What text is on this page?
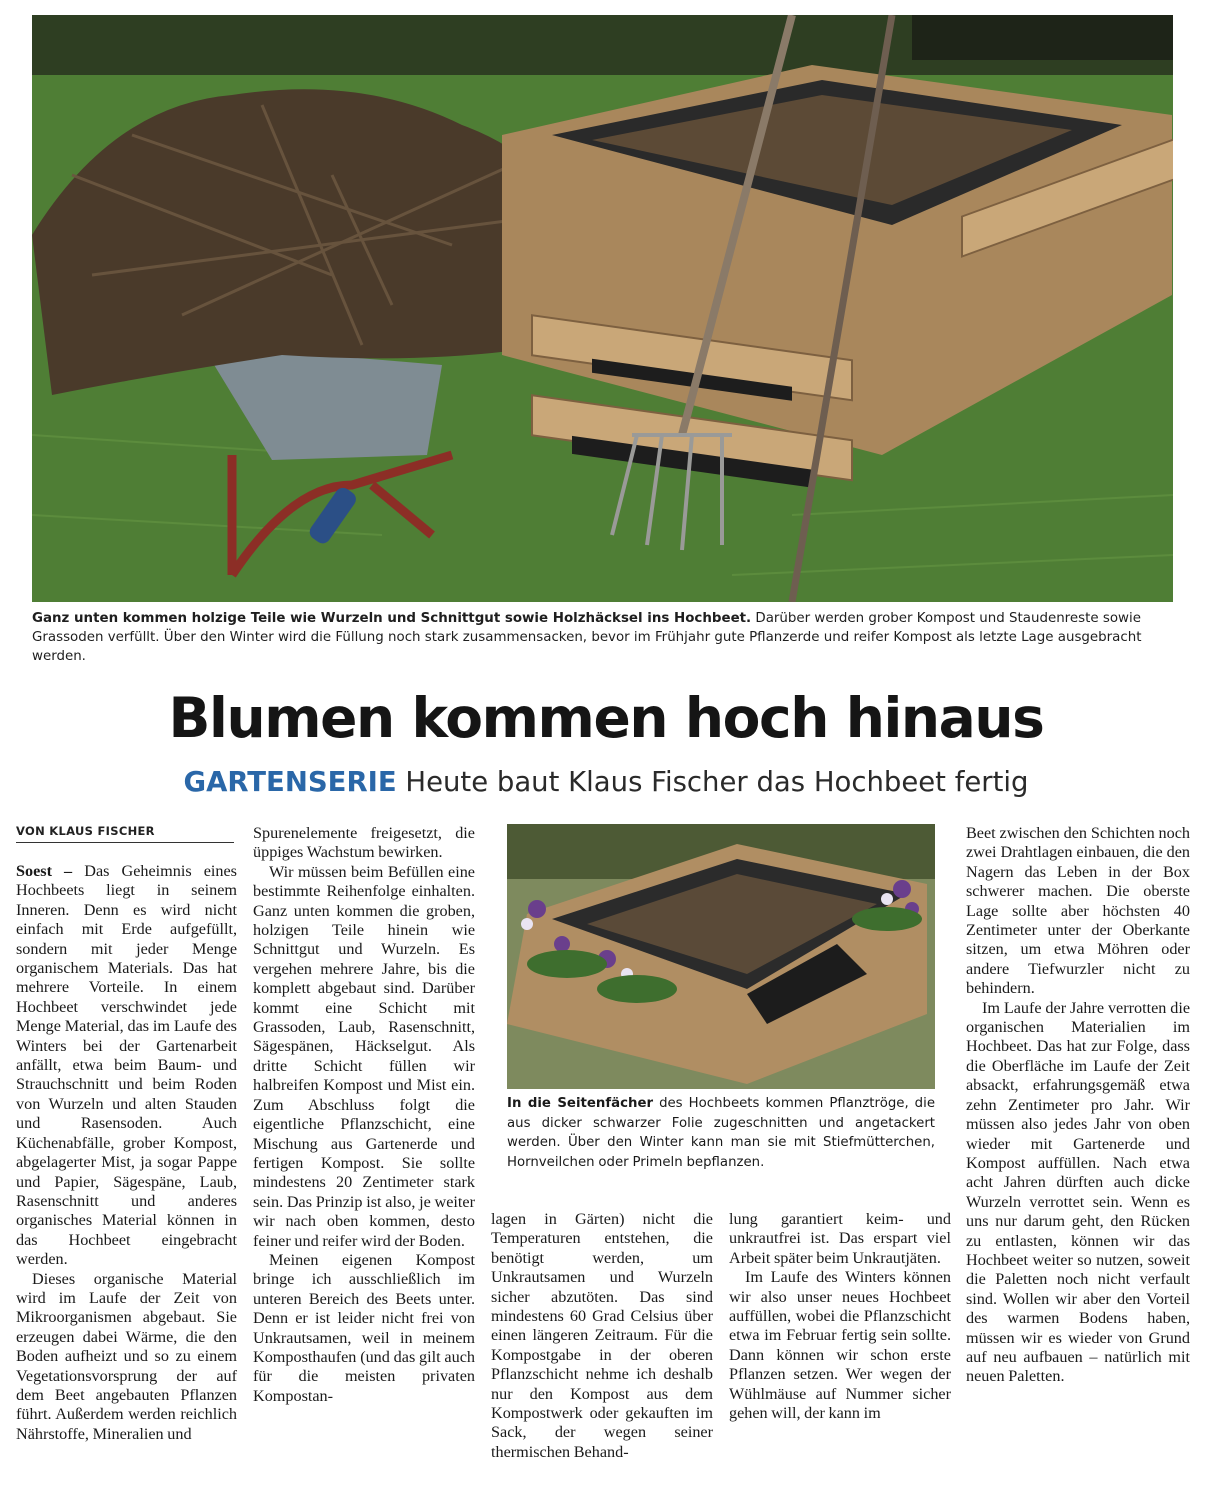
Ganz unten kommen holzige Teile wie Wurzeln und Schnittgut sowie Holzhäcksel ins Hochbeet. Darüber werden grober Kompost und Staudenreste sowie Grassoden verfüllt. Über den Winter wird die Füllung noch stark zusammensacken, bevor im Frühjahr gute Pflanzerde und reifer Kompost als letzte Lage ausgebracht werden.
Blumen kommen hoch hinaus
GARTENSERIE Heute baut Klaus Fischer das Hochbeet fertig
VON KLAUS FISCHER

Soest – Das Geheimnis eines Hochbeets liegt in seinem Inneren. Denn es wird nicht einfach mit Erde aufgefüllt, sondern mit jeder Menge organischem Materials. Das hat mehrere Vorteile. In einem Hochbeet verschwindet jede Menge Material, das im Laufe des Winters bei der Gartenarbeit anfällt, etwa beim Baum- und Strauchschnitt und beim Roden von Wurzeln und alten Stauden und Rasensoden. Auch Küchenabfälle, grober Kompost, abgelagerter Mist, ja sogar Pappe und Papier, Sägespäne, Laub, Rasenschnitt und anderes organisches Material können in das Hochbeet eingebracht werden.

Dieses organische Material wird im Laufe der Zeit von Mikroorganismen abgebaut. Sie erzeugen dabei Wärme, die den Boden aufheizt und so zu einem Vegetationsvorsprung der auf dem Beet angebauten Pflanzen führt. Außerdem werden reichlich Nährstoffe, Mineralien und

Spurenelemente freigesetzt, die üppiges Wachstum bewirken.

Wir müssen beim Befüllen eine bestimmte Reihenfolge einhalten. Ganz unten kommen die groben, holzigen Teile hinein wie Schnittgut und Wurzeln. Es vergehen mehrere Jahre, bis die komplett abgebaut sind. Darüber kommt eine Schicht mit Grassoden, Laub, Rasenschnitt, Sägespänen, Häckselgut. Als dritte Schicht füllen wir halbreifen Kompost und Mist ein. Zum Abschluss folgt die eigentliche Pflanzschicht, eine Mischung aus Gartenerde und fertigen Kompost. Sie sollte mindestens 20 Zentimeter stark sein. Das Prinzip ist also, je weiter wir nach oben kommen, desto feiner und reifer wird der Boden.

Meinen eigenen Kompost bringe ich ausschließlich im unteren Bereich des Beets unter. Denn er ist leider nicht frei von Unkrautsamen, weil in meinem Komposthaufen (und das gilt auch für die meisten privaten Kompostan-

In die Seitenfächer des Hochbeets kommen Pflanztröge, die aus dicker schwarzer Folie zugeschnitten und angetackert werden. Über den Winter kann man sie mit Stiefmütterchen, Hornveilchen oder Primeln bepflanzen.

lagen in Gärten) nicht die Temperaturen entstehen, die benötigt werden, um Unkrautsamen und Wurzeln sicher abzutöten. Das sind mindestens 60 Grad Celsius über einen längeren Zeitraum. Für die Kompostgabe in der oberen Pflanzschicht nehme ich deshalb nur den Kompost aus dem Kompostwerk oder gekauften im Sack, der wegen seiner thermischen Behand-

lung garantiert keim- und unkrautfrei ist. Das erspart viel Arbeit später beim Unkrautjäten.

Im Laufe des Winters können wir also unser neues Hochbeet auffüllen, wobei die Pflanzschicht etwa im Februar fertig sein sollte. Dann können wir schon erste Pflanzen setzen. Wer wegen der Wühlmäuse auf Nummer sicher gehen will, der kann im

Beet zwischen den Schichten noch zwei Drahtlagen einbauen, die den Nagern das Leben in der Box schwerer machen. Die oberste Lage sollte aber höchsten 40 Zentimeter unter der Oberkante sitzen, um etwa Möhren oder andere Tiefwurzler nicht zu behindern.

Im Laufe der Jahre verrotten die organischen Materialien im Hochbeet. Das hat zur Folge, dass die Oberfläche im Laufe der Zeit absackt, erfahrungsgemäß etwa zehn Zentimeter pro Jahr. Wir müssen also jedes Jahr von oben wieder mit Gartenerde und Kompost auffüllen. Nach etwa acht Jahren dürften auch dicke Wurzeln verrottet sein. Wenn es uns nur darum geht, den Rücken zu entlasten, können wir das Hochbeet weiter so nutzen, soweit die Paletten noch nicht verfault sind. Wollen wir aber den Vorteil des warmen Bodens haben, müssen wir es wieder von Grund auf neu aufbauen – natürlich mit neuen Paletten.
